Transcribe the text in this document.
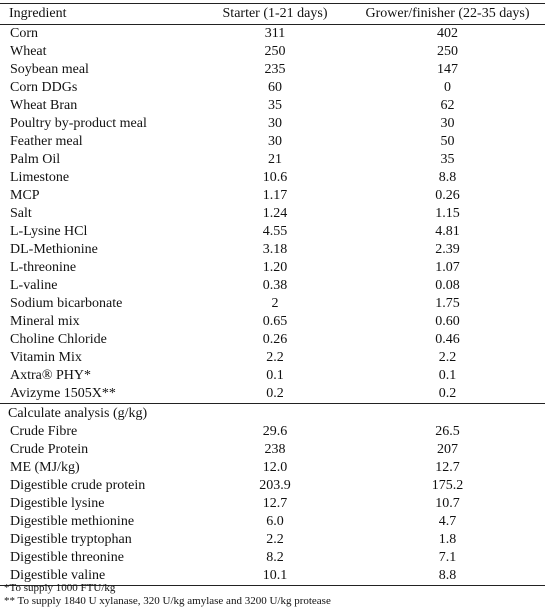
Ingredient	Starter (1-21 days)	Grower/finisher (22-35 days)
Corn	311	402
Wheat	250	250
Soybean meal	235	147
Corn DDGs	60	0
Wheat Bran	35	62
Poultry by-product meal	30	30
Feather meal	30	50
Palm Oil	21	35
Limestone	10.6	8.8
MCP	1.17	0.26
Salt	1.24	1.15
L-Lysine HCl	4.55	4.81
DL-Methionine	3.18	2.39
L-threonine	1.20	1.07
L-valine	0.38	0.08
Sodium bicarbonate	2	1.75
Mineral mix	0.65	0.60
Choline Chloride	0.26	0.46
Vitamin Mix	2.2	2.2
Axtra® PHY*	0.1	0.1
Avizyme 1505X**	0.2	0.2
Calculate analysis (g/kg)		
Crude Fibre	29.6	26.5
Crude Protein	238	207
ME (MJ/kg)	12.0	12.7
Digestible crude protein	203.9	175.2
Digestible lysine	12.7	10.7
Digestible methionine	6.0	4.7
Digestible tryptophan	2.2	1.8
Digestible threonine	8.2	7.1
Digestible valine	10.1	8.8
*To supply 1000 FTU/kg
** To supply 1840 U xylanase, 320 U/kg amylase and 3200 U/kg protease
